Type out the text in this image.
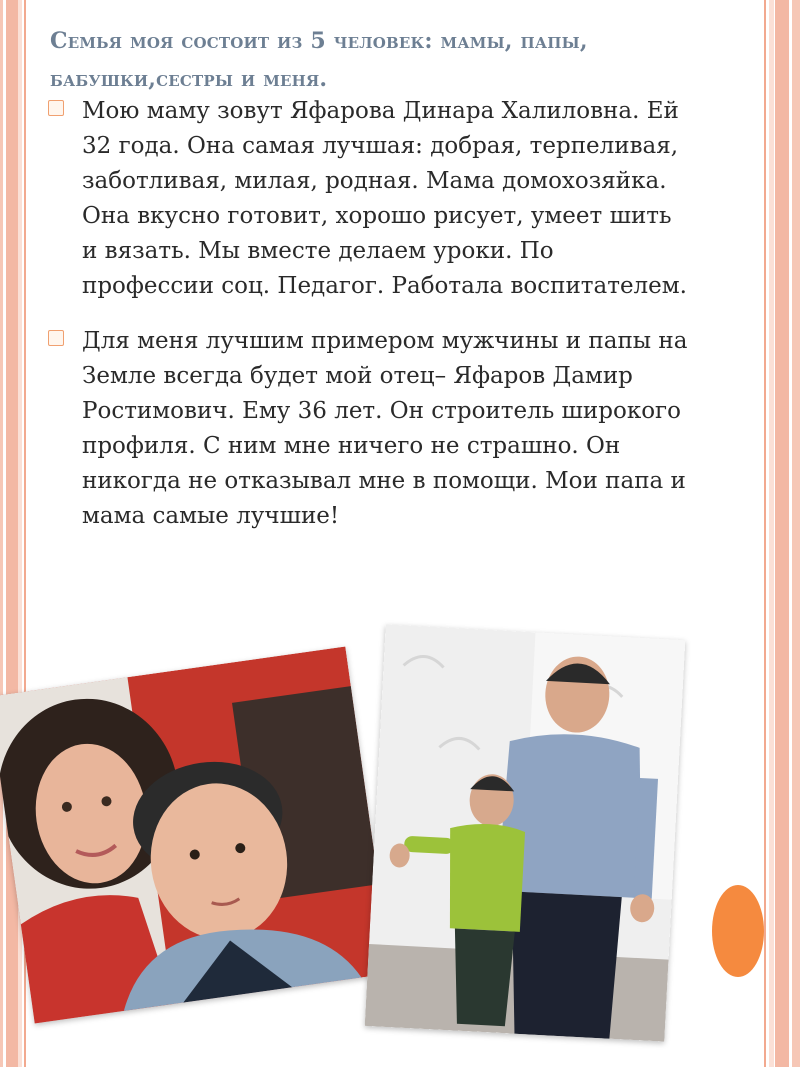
Семья моя состоит из 5 человек: мамы, папы,
бабушки,сестры и меня.
Мою маму зовут Яфарова Динара Халиловна. Ей 32 года. Она самая лучшая: добрая, терпеливая, заботливая, милая, родная. Мама домохозяйка. Она вкусно готовит, хорошо рисует, умеет шить и вязать. Мы вместе делаем уроки. По профессии соц. Педагог. Работала воспитателем.
Для меня лучшим примером мужчины и папы на Земле всегда будет мой отец– Яфаров Дамир Ростимович. Ему 36 лет. Он строитель широкого профиля. С ним мне ничего не страшно. Он никогда не отказывал мне в помощи. Мои папа и мама самые лучшие!
